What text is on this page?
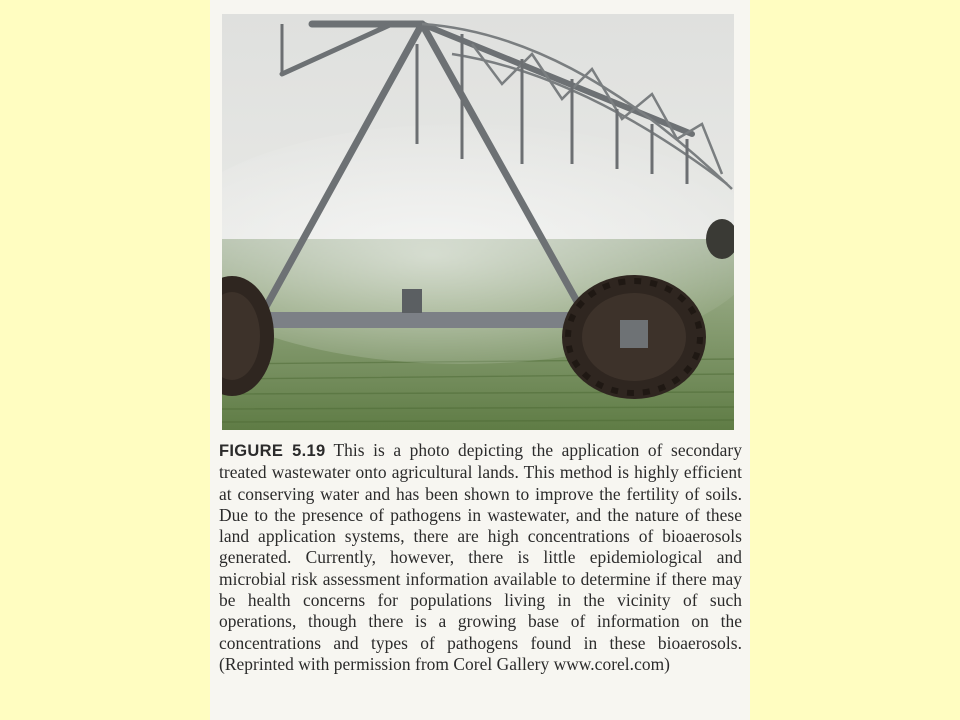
FIGURE 5.19 This is a photo depicting the application of secondary treated wastewater onto agricultural lands. This method is highly efficient at conserving water and has been shown to improve the fertility of soils. Due to the presence of pathogens in wastewater, and the nature of these land application systems, there are high concentrations of bioaerosols generated. Currently, however, there is little epidemiological and microbial risk assessment information available to determine if there may be health concerns for populations living in the vicinity of such operations, though there is a growing base of information on the concentrations and types of pathogens found in these bioaerosols. (Reprinted with permission from Corel Gallery www.corel.com)
